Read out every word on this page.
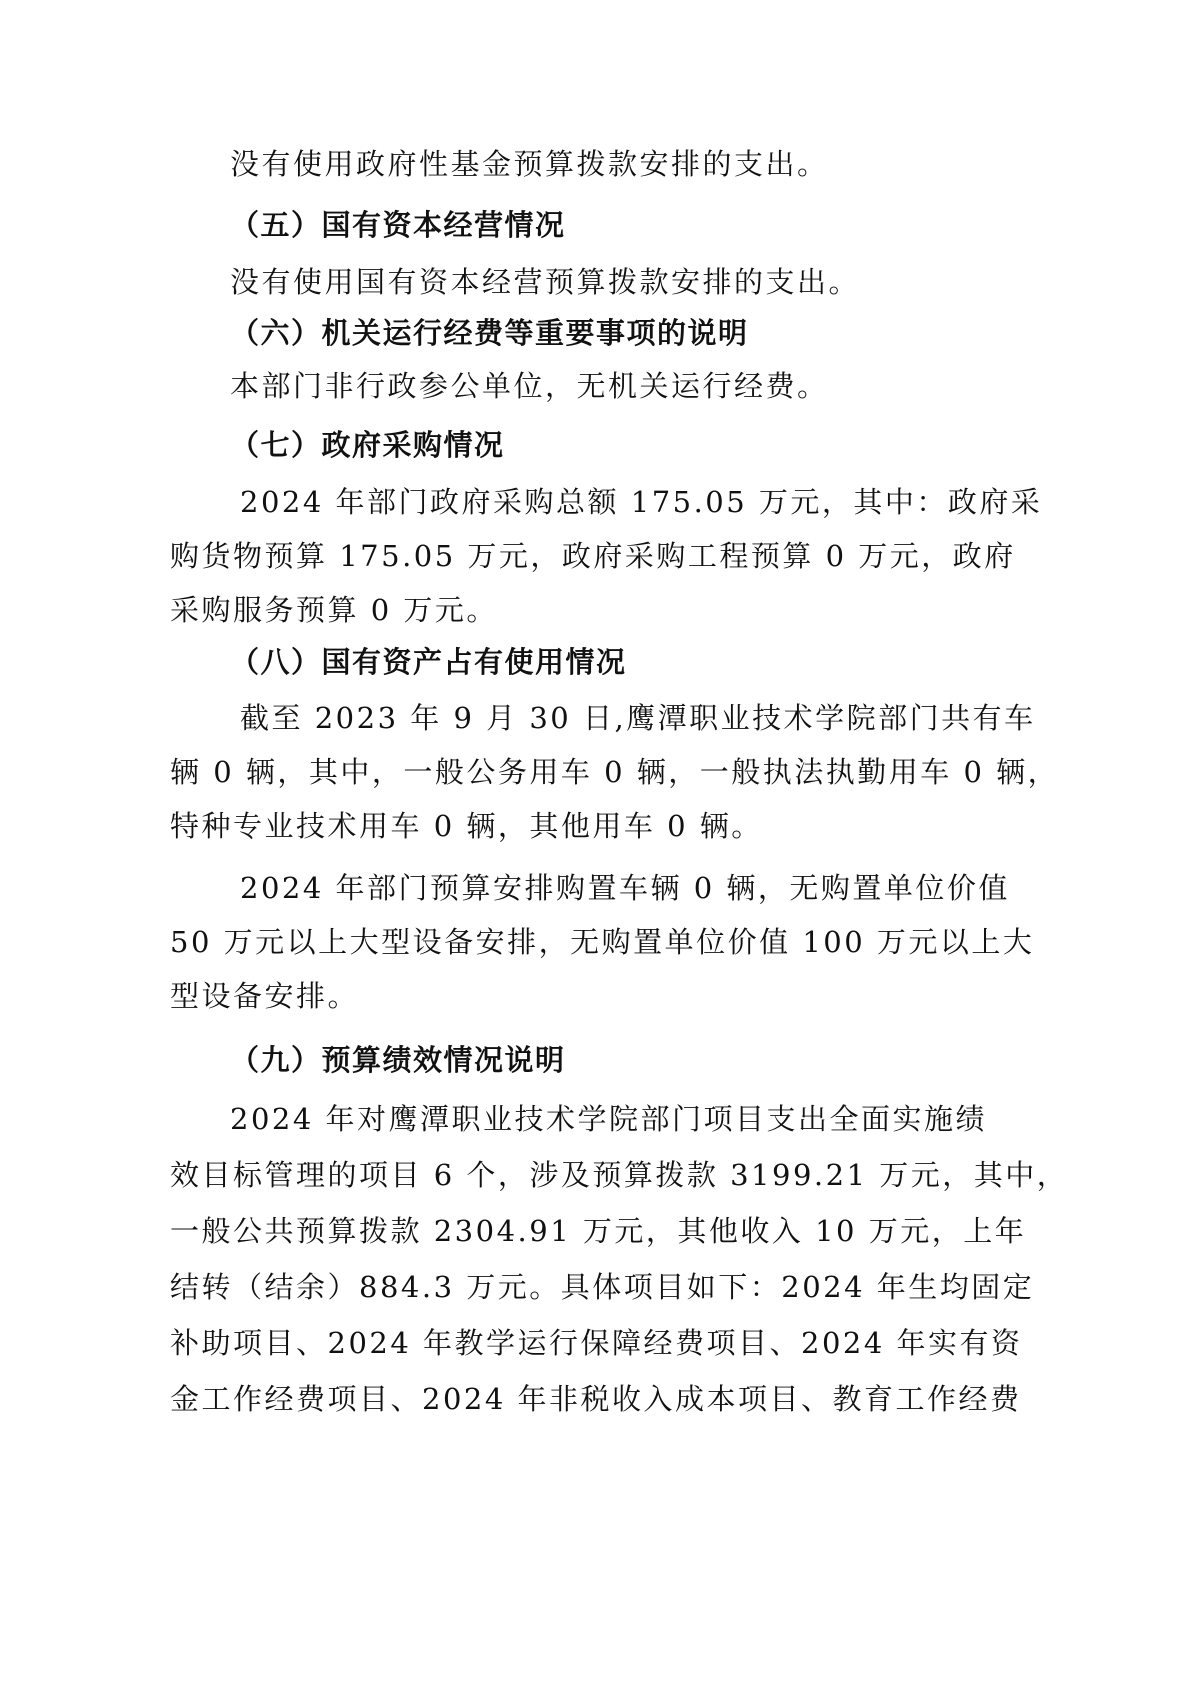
没有使用政府性基金预算拨款安排的支出。
（五）国有资本经营情况
没有使用国有资本经营预算拨款安排的支出。
（六）机关运行经费等重要事项的说明
本部门非行政参公单位，无机关运行经费。
（七）政府采购情况
2024 年部门政府采购总额 175.05 万元，其中：政府采
购货物预算 175.05 万元，政府采购工程预算 0 万元，政府
采购服务预算 0 万元。
（八）国有资产占有使用情况
截至 2023 年 9 月 30 日,鹰潭职业技术学院部门共有车
辆 0 辆，其中，一般公务用车 0 辆，一般执法执勤用车 0 辆，
特种专业技术用车 0 辆，其他用车 0 辆。
2024 年部门预算安排购置车辆 0 辆，无购置单位价值
50 万元以上大型设备安排，无购置单位价值 100 万元以上大
型设备安排。
（九）预算绩效情况说明
2024 年对鹰潭职业技术学院部门项目支出全面实施绩
效目标管理的项目 6 个，涉及预算拨款 3199.21 万元，其中，
一般公共预算拨款 2304.91 万元，其他收入 10 万元，上年
结转（结余）884.3 万元。具体项目如下：2024 年生均固定
补助项目、2024 年教学运行保障经费项目、2024 年实有资
金工作经费项目、2024 年非税收入成本项目、教育工作经费
